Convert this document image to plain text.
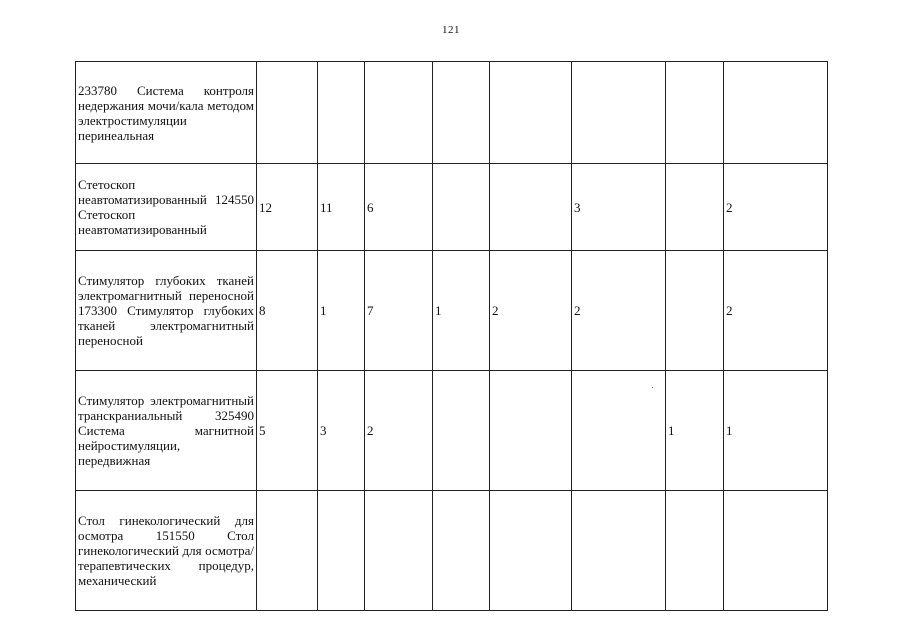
121
233780 Система контроля недержания мочи/кала методом электростимуляции перинеальная								
Стетоскоп неавтоматизированный 124550 Стетоскоп неавтоматизированный	12	11	6			3		2
Стимулятор глубоких тканей электромагнитный переносной 173300 Стимулятор глубоких тканей электромагнитный переносной	8	1	7	1	2	2		2
Стимулятор электромагнитный транскраниальный 325490 Система магнитной нейростимуляции, передвижная	5	3	2				1	1
Стол гинекологический для осмотра 151550 Стол гинекологический для осмотра/терапевтических процедур, механический								
